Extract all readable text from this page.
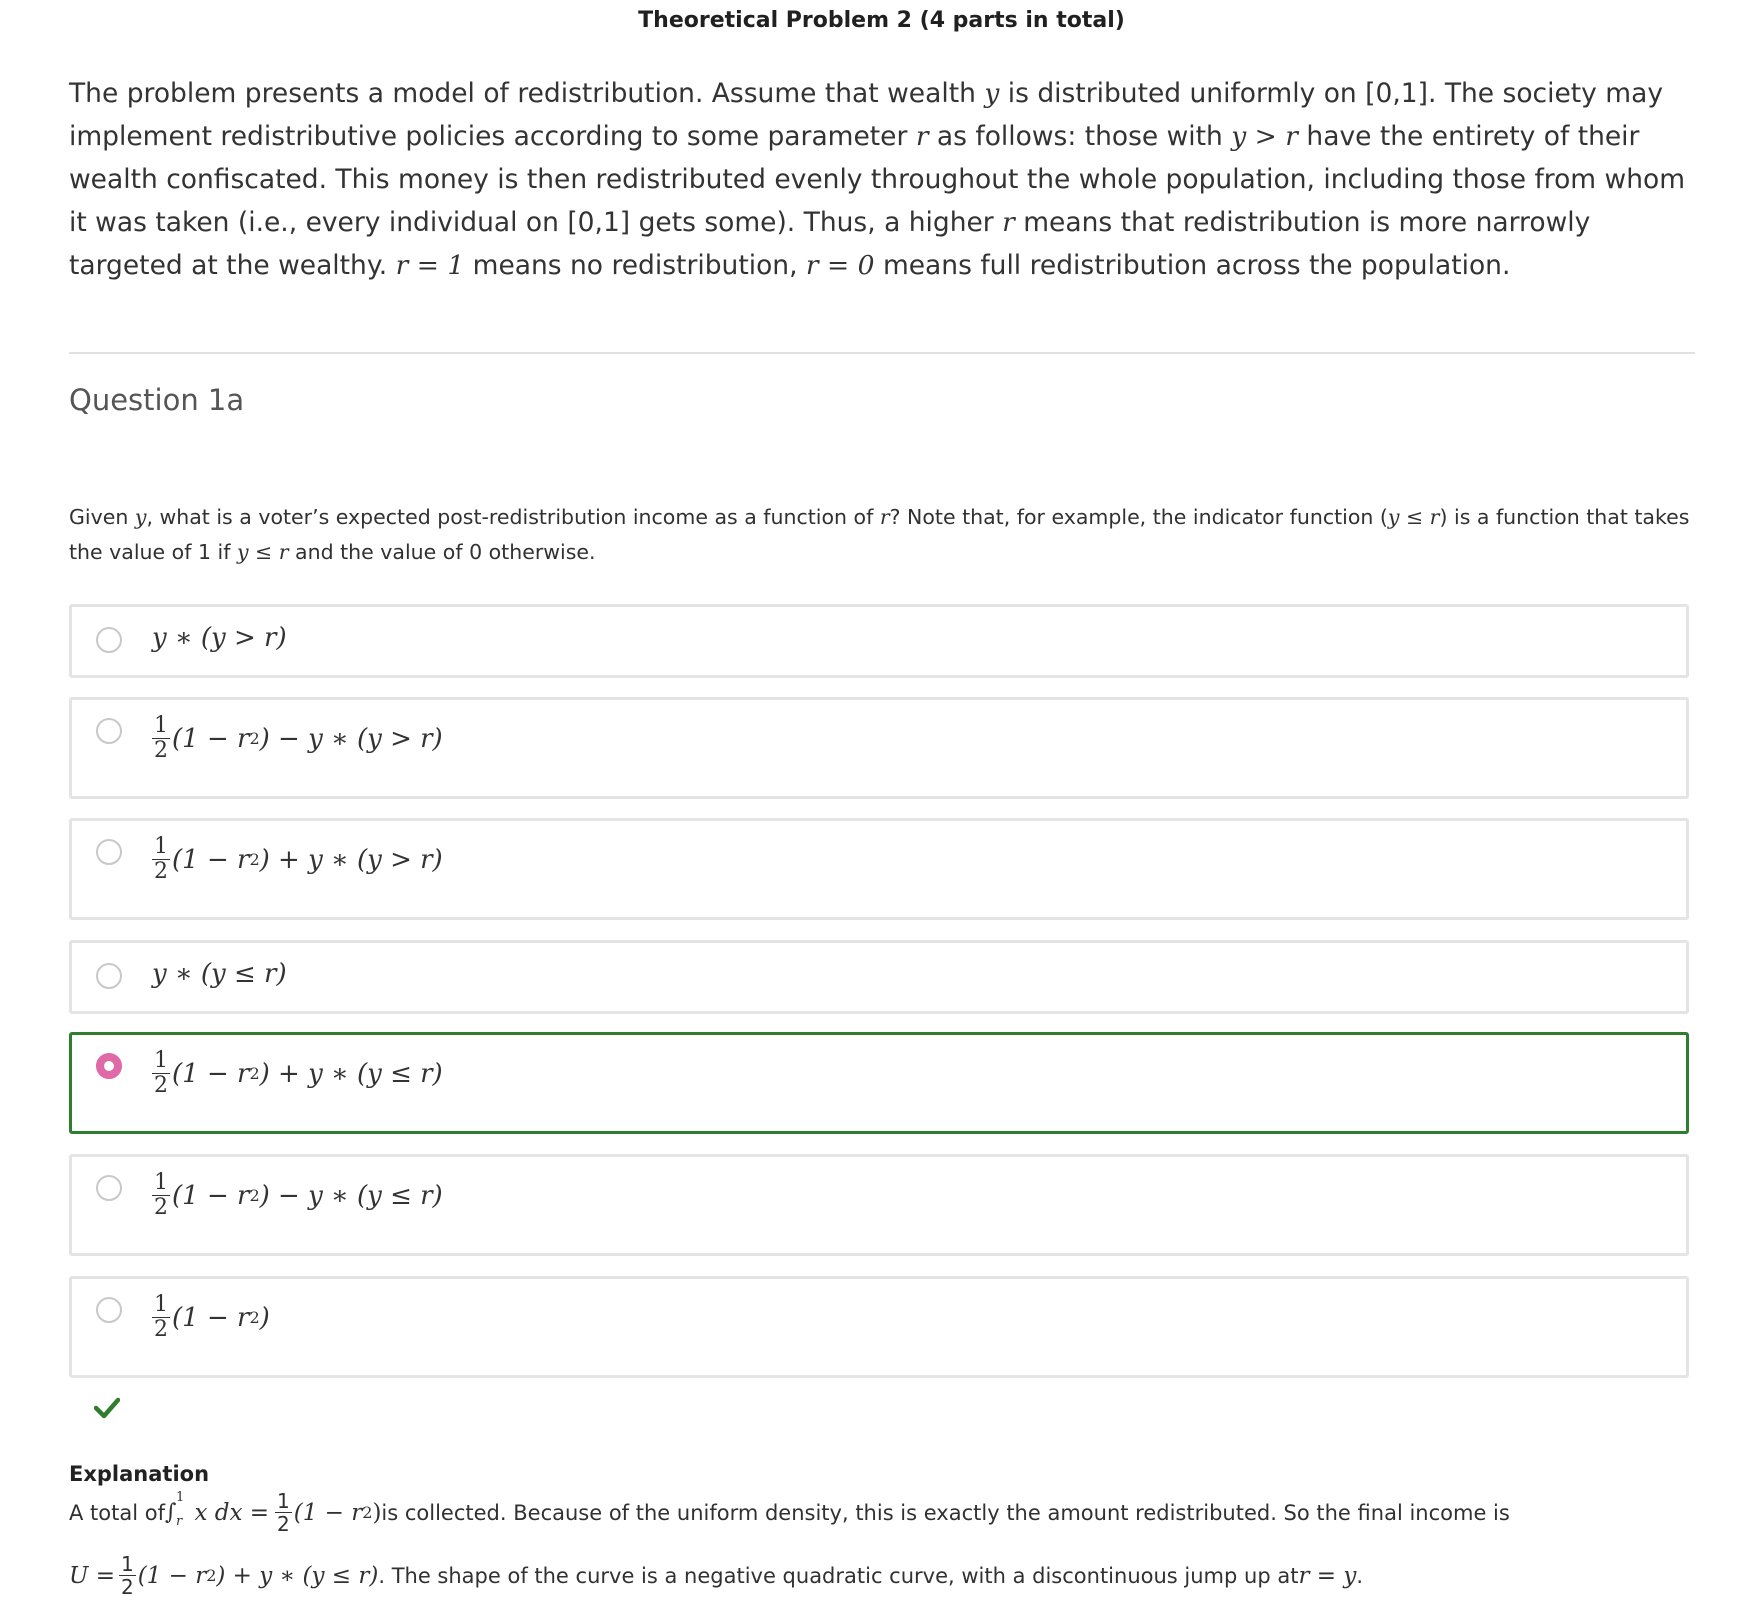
Theoretical Problem 2 (4 parts in total)
The problem presents a model of redistribution. Assume that wealth y is distributed uniformly on [0,1]. The society may implement redistributive policies according to some parameter r as follows: those with y > r have the entirety of their wealth confiscated. This money is then redistributed evenly throughout the whole population, including those from whom it was taken (i.e., every individual on [0,1] gets some). Thus, a higher r means that redistribution is more narrowly targeted at the wealthy. r = 1 means no redistribution, r = 0 means full redistribution across the population.
Question 1a
Given y, what is a voter’s expected post-redistribution income as a function of r? Note that, for example, the indicator function (y ≤ r) is a function that takes the value of 1 if y ≤ r and the value of 0 otherwise.
y ∗ (y > r)
$\frac{1}{2} (1 - r$ 2 ) − y ∗ (y > r)
$\frac{1}{2} (1 - r$ 2 ) + y ∗ (y > r)
y ∗ (y ≤ r)
$\frac{1}{2} (1 - r$ 2 ) + y ∗ (y ≤ r)
$\frac{1}{2} (1 - r$ 2 ) − y ∗ (y ≤ r)
$\frac{1}{2} (1 - r$ 2 )
Explanation
A total of ∫
1
r x dx = $\frac{1}{2} (1 - r$ 2 ) is collected. Because of the uniform density, this is exactly the amount redistributed. So the final income is
$U = \frac{1}{2} (1 - r$ 2 ) + y ∗ (y ≤ r) . The shape of the curve is a negative quadratic curve, with a discontinuous jump up at r = y .
